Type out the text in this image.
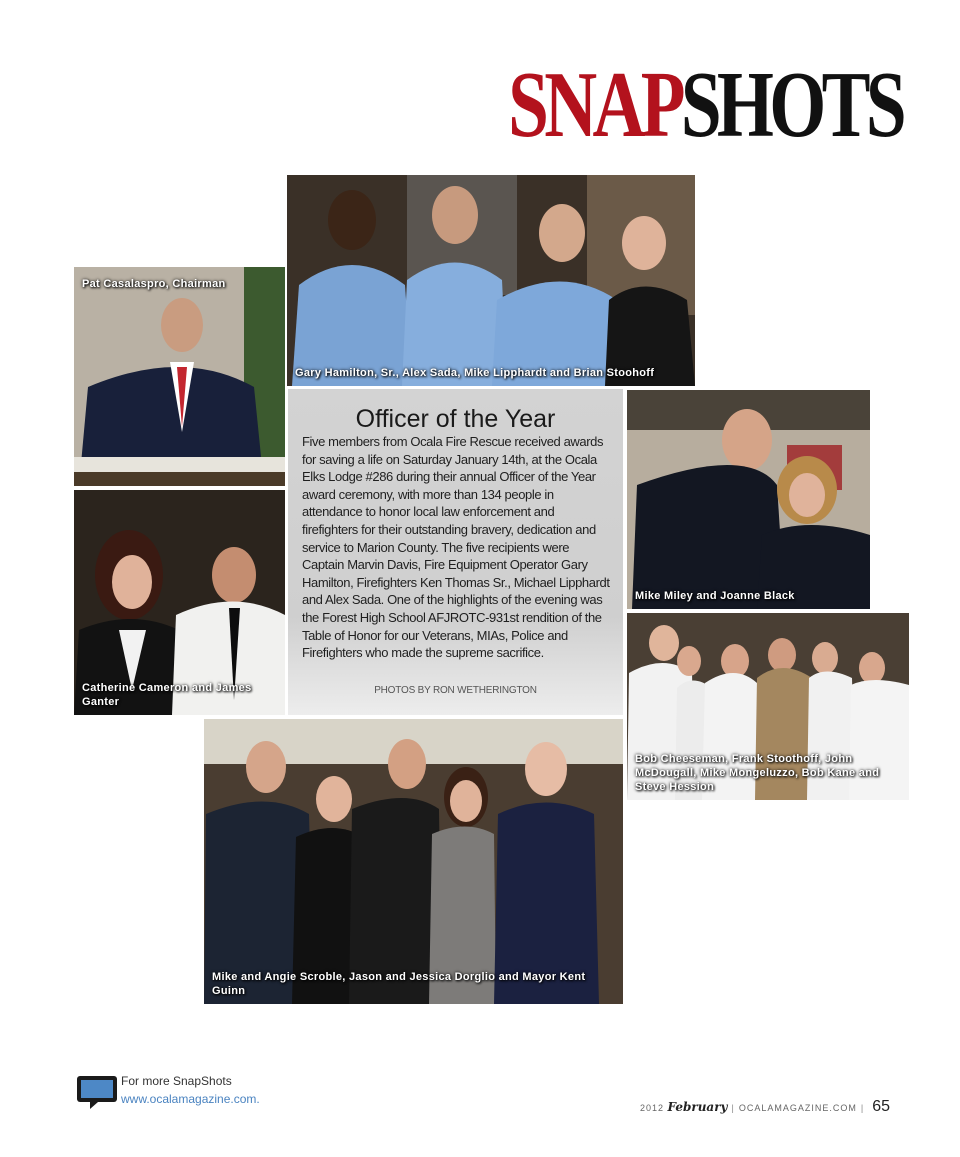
SNAPSHOTS
Gary Hamilton, Sr., Alex Sada, Mike Lipphardt and Brian Stoohoff
Pat Casalaspro, Chairman
Catherine Cameron and James Ganter
Officer of the Year
Five members from Ocala Fire Rescue received awards for saving a life on Saturday January 14th, at the Ocala Elks Lodge #286 during their annual Officer of the Year award ceremony, with more than 134 people in attendance to honor local law enforcement and firefighters for their outstanding bravery, dedication and service to Marion County. The five recipients were Captain Marvin Davis, Fire Equipment Operator Gary Hamilton, Firefighters Ken Thomas Sr., Michael Lipphardt and Alex Sada. One of the highlights of the evening was the Forest High School AFJROTC-931st rendition of the Table of Honor for our Veterans, MIAs, Police and Firefighters who made the supreme sacrifice.
PHOTOS BY RON WETHERINGTON
Mike Miley and Joanne Black
Bob Cheeseman, Frank Stoothoff, John McDougall, Mike Mongeluzzo, Bob Kane and Steve Hession
Mike and Angie Scroble, Jason and Jessica Dorglio and Mayor Kent Guinn
For more SnapShots
www.ocalamagazine.com.
2012 February | OCALAMAGAZINE.COM | 65
